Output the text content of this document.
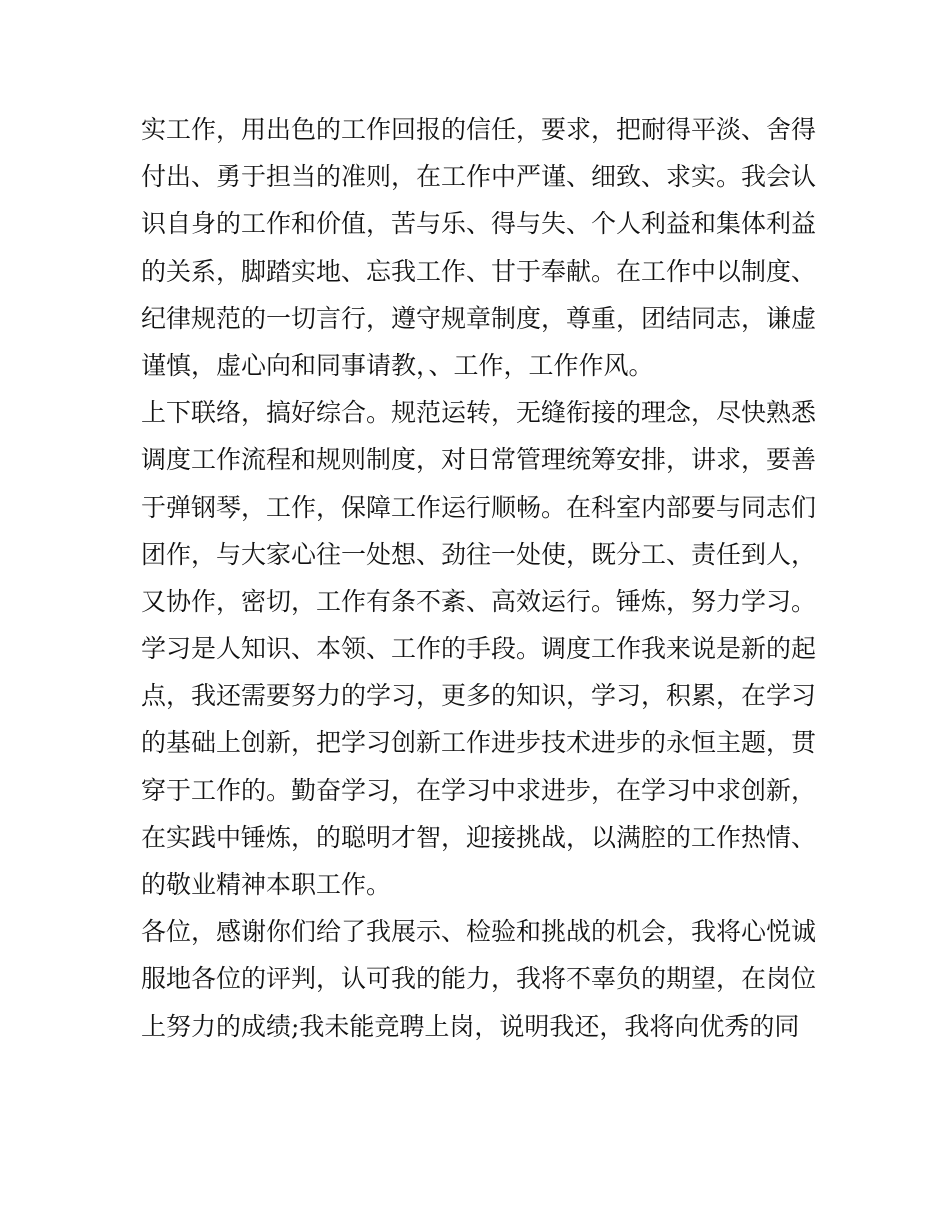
实工作，用出色的工作回报的信任，要求，把耐得平淡、舍得
付出、勇于担当的准则，在工作中严谨、细致、求实。我会认
识自身的工作和价值，苦与乐、得与失、个人利益和集体利益
的关系，脚踏实地、忘我工作、甘于奉献。在工作中以制度、
纪律规范的一切言行，遵守规章制度，尊重，团结同志，谦虚
谨慎，虚心向和同事请教，、工作，工作作风。
上下联络，搞好综合。规范运转，无缝衔接的理念，尽快熟悉
调度工作流程和规则制度，对日常管理统筹安排，讲求，要善
于弹钢琴，工作，保障工作运行顺畅。在科室内部要与同志们
团作，与大家心往一处想、劲往一处使，既分工、责任到人，
又协作，密切，工作有条不紊、高效运行。锤炼，努力学习。
学习是人知识、本领、工作的手段。调度工作我来说是新的起
点，我还需要努力的学习，更多的知识，学习，积累，在学习
的基础上创新，把学习创新工作进步技术进步的永恒主题，贯
穿于工作的。勤奋学习，在学习中求进步，在学习中求创新，
在实践中锤炼，的聪明才智，迎接挑战，以满腔的工作热情、
的敬业精神本职工作。
各位，感谢你们给了我展示、检验和挑战的机会，我将心悦诚
服地各位的评判，认可我的能力，我将不辜负的期望，在岗位
上努力的成绩;我未能竞聘上岗，说明我还，我将向优秀的同
